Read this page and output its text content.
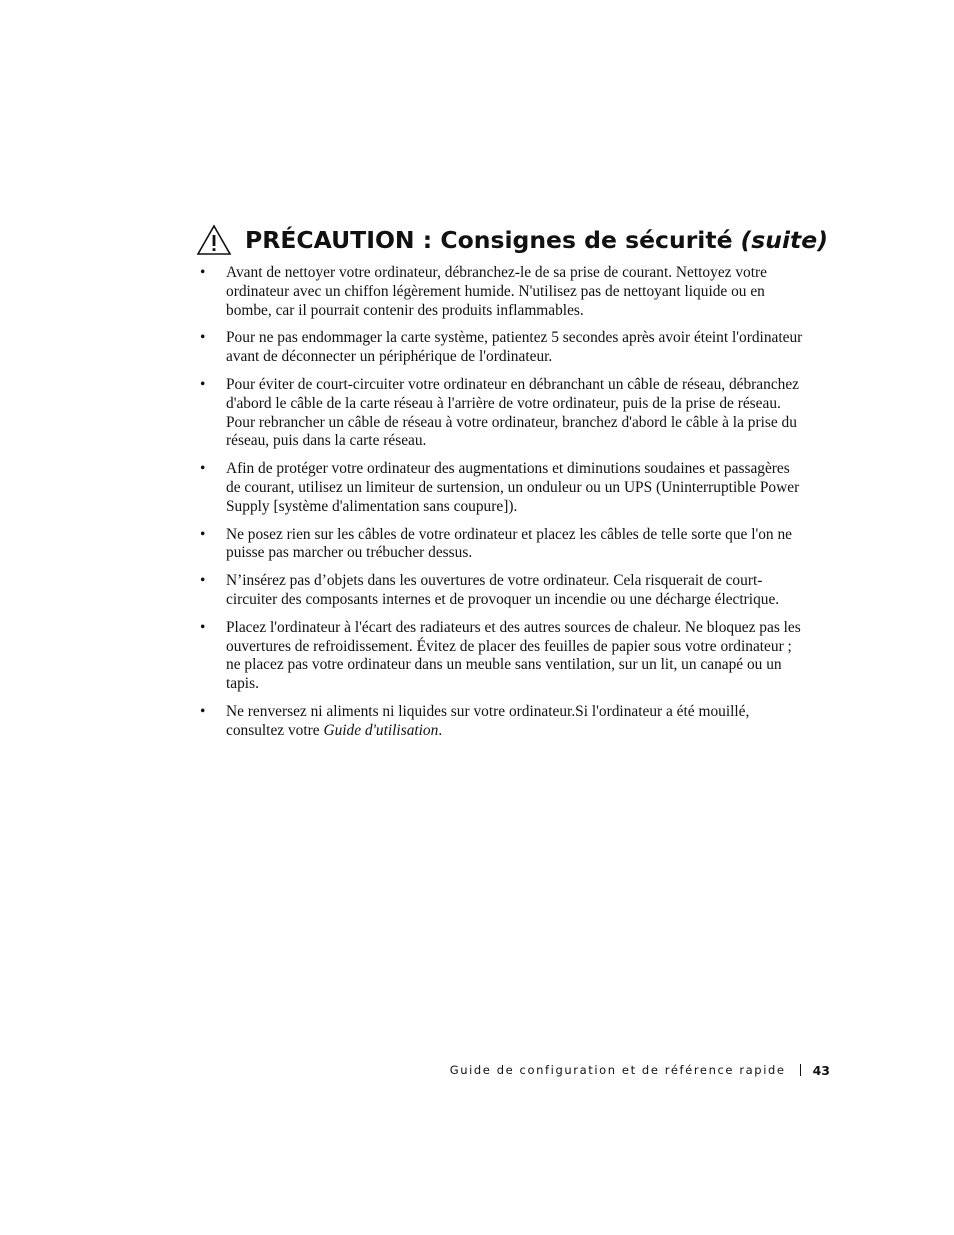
PRÉCAUTION : Consignes de sécurité (suite)
• Avant de nettoyer votre ordinateur, débranchez-le de sa prise de courant. Nettoyez votre ordinateur avec un chiffon légèrement humide. N'utilisez pas de nettoyant liquide ou en bombe, car il pourrait contenir des produits inflammables.
• Pour ne pas endommager la carte système, patientez 5 secondes après avoir éteint l'ordinateur avant de déconnecter un périphérique de l'ordinateur.
• Pour éviter de court-circuiter votre ordinateur en débranchant un câble de réseau, débranchez d'abord le câble de la carte réseau à l'arrière de votre ordinateur, puis de la prise de réseau. Pour rebrancher un câble de réseau à votre ordinateur, branchez d'abord le câble à la prise du réseau, puis dans la carte réseau.
• Afin de protéger votre ordinateur des augmentations et diminutions soudaines et passagères de courant, utilisez un limiteur de surtension, un onduleur ou un UPS (Uninterruptible Power Supply [système d'alimentation sans coupure]).
• Ne posez rien sur les câbles de votre ordinateur et placez les câbles de telle sorte que l'on ne puisse pas marcher ou trébucher dessus.
• N’insérez pas d’objets dans les ouvertures de votre ordinateur. Cela risquerait de court-circuiter des composants internes et de provoquer un incendie ou une décharge électrique.
• Placez l'ordinateur à l'écart des radiateurs et des autres sources de chaleur. Ne bloquez pas les ouvertures de refroidissement. Évitez de placer des feuilles de papier sous votre ordinateur ; ne placez pas votre ordinateur dans un meuble sans ventilation, sur un lit, un canapé ou un tapis.
• Ne renversez ni aliments ni liquides sur votre ordinateur.Si l'ordinateur a été mouillé, consultez votre Guide d'utilisation.
Guide de configuration et de référence rapide 43
